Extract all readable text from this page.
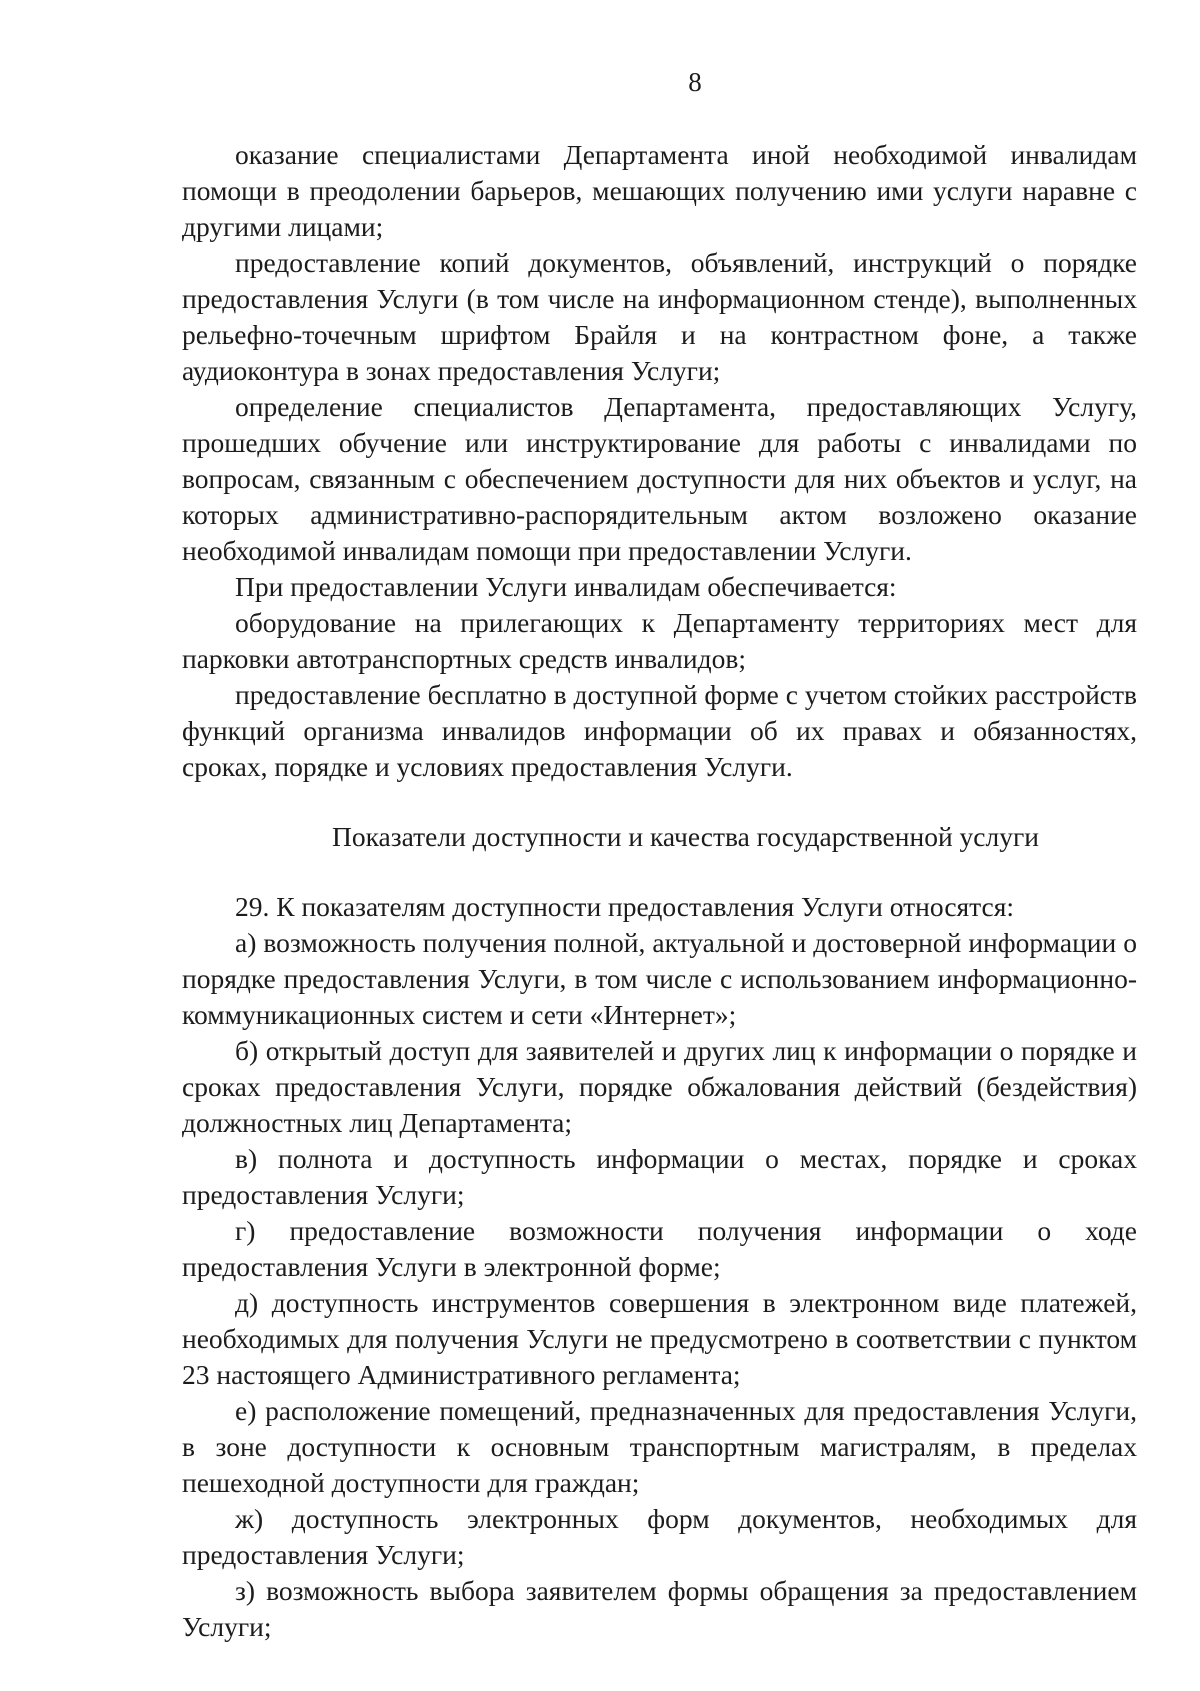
8

оказание специалистами Департамента иной необходимой инвалидам помощи в преодолении барьеров, мешающих получению ими услуги наравне с другими лицами;

предоставление копий документов, объявлений, инструкций о порядке предоставления Услуги (в том числе на информационном стенде), выполненных рельефно-точечным шрифтом Брайля и на контрастном фоне, а также аудиоконтура в зонах предоставления Услуги;

определение специалистов Департамента, предоставляющих Услугу, прошедших обучение или инструктирование для работы с инвалидами по вопросам, связанным с обеспечением доступности для них объектов и услуг, на которых административно-распорядительным актом возложено оказание необходимой инвалидам помощи при предоставлении Услуги.

При предоставлении Услуги инвалидам обеспечивается:

оборудование на прилегающих к Департаменту территориях мест для парковки автотранспортных средств инвалидов;

предоставление бесплатно в доступной форме с учетом стойких расстройств функций организма инвалидов информации об их правах и обязанностях, сроках, порядке и условиях предоставления Услуги.

Показатели доступности и качества государственной услуги

29. К показателям доступности предоставления Услуги относятся:

а) возможность получения полной, актуальной и достоверной информации о порядке предоставления Услуги, в том числе с использованием информационно-коммуникационных систем и сети «Интернет»;

б) открытый доступ для заявителей и других лиц к информации о порядке и сроках предоставления Услуги, порядке обжалования действий (бездействия) должностных лиц Департамента;

в) полнота и доступность информации о местах, порядке и сроках предоставления Услуги;

г) предоставление возможности получения информации о ходе предоставления Услуги в электронной форме;

д) доступность инструментов совершения в электронном виде платежей, необходимых для получения Услуги не предусмотрено в соответствии с пунктом 23 настоящего Административного регламента;

е) расположение помещений, предназначенных для предоставления Услуги, в зоне доступности к основным транспортным магистралям, в пределах пешеходной доступности для граждан;

ж) доступность электронных форм документов, необходимых для предоставления Услуги;

з) возможность выбора заявителем формы обращения за предоставлением Услуги;
